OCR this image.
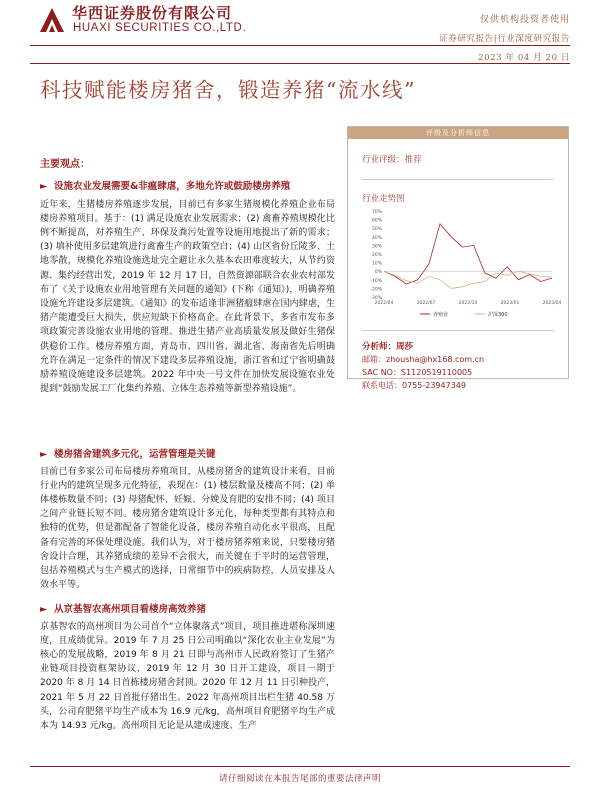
华西证券股份有限公司
HUAXI SECURITIES CO.,LTD.
仅供机构投资者使用
证券研究报告|行业深度研究报告
2023 年 04 月 20 日
科技赋能楼房猪舍，锻造养猪“流水线”
评级及分析师信息
行业评级：推荐
行业走势图
70%
60%
50%
40%
30%
20%
10%
0%
-10%
-20%
-30%
2022/04	2022/07	2022/10	2023/01	2023/04
养殖业	沪深300
分析师：周莎
邮箱：zhousha@hx168.com.cn
SAC NO：S1120519110005
联系电话：0755-23947349
主要观点：
► 设施农业发展需要&非瘟肆虐，多地允许或鼓励楼房养殖
近年来，生猪楼房养殖逐步发展，目前已有多家生猪规模化养殖企业布局楼房养殖项目。基于：(1) 满足设施农业发展需求；(2) 禽畜养殖规模化比例不断提高，对养殖生产、环保及粪污处置等设施用地提出了新的需求；(3) 填补使用多层建筑进行禽畜生产的政策空白；(4) 山区省份丘陵多、土地零散，规模化养殖设施选址完全避让永久基本农田难度较大，从节约资源、集约经营出发，2019 年 12 月 17 日，自然资源部联合农业农村部发布了《关于设施农业用地管理有关问题的通知》(下称《通知》)，明确养殖设施允许建设多层建筑。《通知》的发布适逢非洲猪瘟肆虐在国内肆虐，生猪产能遭受巨大损失，供应短缺下价格高企。在此背景下，多省市发布多项政策完善设施农业用地的管理、推进生猪产业高质量发展及做好生猪保供稳价工作。楼房养殖方面，青岛市、四川省、湖北省、海南省先后明确允许在满足一定条件的情况下建设多层养殖设施，浙江省和辽宁省明确鼓励养殖设施建设多层建筑。2022 年中央一号文件在加快发展设施农业处提到“鼓励发展工厂化集约养殖、立体生态养殖等新型养殖设施”。
► 楼房猪舍建筑多元化，运营管理是关键
目前已有多家公司布局楼房养殖项目，从楼房猪舍的建筑设计来看，目前行业内的建筑呈现多元化特征，表现在：(1) 楼层数量及楼高不同；(2) 单体楼栋数量不同；(3) 母猪配怀、妊娠、分娩及育肥的安排不同；(4) 项目之间产业链长短不同。楼房猪舍建筑设计多元化，每种类型都有其特点和独特的优势，但是都配备了智能化设备，楼房养殖自动化水平很高，且配备有完善的环保处理设施。我们认为，对于楼房猪养殖来说，只要楼房猪舍设计合理，其养猪成绩的差异不会很大，而关键在于平时的运营管理，包括养殖模式与生产模式的选择，日常细节中的疾病防控，人员安排及人效水平等。
► 从京基智农高州项目看楼房高效养猪
京基智农的高州项目为公司首个“立体聚落式”项目，项目推进堪称深圳速度，且成绩优异。2019 年 7 月 25 日公司明确以“深化农业主业发展”为核心的发展战略，2019 年 8 月 21 日即与高州市人民政府签订了生猪产业链项目投资框架协议，2019 年 12 月 30 日开工建设，项目一期于 2020 年 8 月 14 日首栋楼房猪舍封顶。2020 年 12 月 11 日引种投产，2021 年 5 月 22 日首批仔猪出生。2022 年高州项目出栏生猪 40.58 万头，公司育肥猪平均生产成本为 16.9 元/kg，高州项目育肥猪平均生产成本为 14.93 元/kg。高州项目无论是从建成速度、生产
请仔细阅读在本报告尾部的重要法律声明
